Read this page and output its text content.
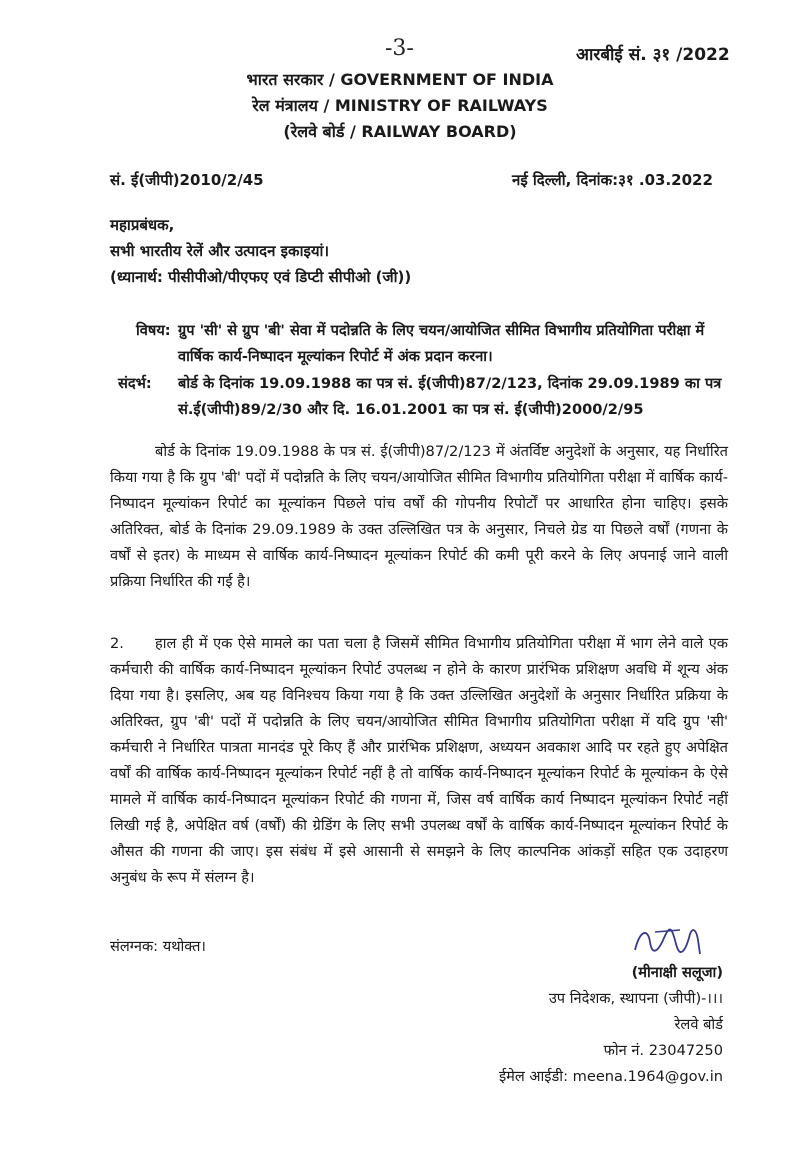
-3-	आरबीई सं. ३१ /2022
भारत सरकार / GOVERNMENT OF INDIA
रेल मंत्रालय / MINISTRY OF RAILWAYS
(रेलवे बोर्ड / RAILWAY BOARD)
सं. ई(जीपी)2010/2/45	नई दिल्ली, दिनांक:३१ .03.2022
महाप्रबंधक,
सभी भारतीय रेलें और उत्पादन इकाइयां।
(ध्यानार्थ: पीसीपीओ/पीएफए एवं डिप्टी सीपीओ (जी))
विषय: ग्रुप 'सी' से ग्रुप 'बी' सेवा में पदोन्नति के लिए चयन/आयोजित सीमित विभागीय प्रतियोगिता परीक्षा में वार्षिक कार्य-निष्पादन मूल्यांकन रिपोर्ट में अंक प्रदान करना।
संदर्भ: बोर्ड के दिनांक 19.09.1988 का पत्र सं. ई(जीपी)87/2/123, दिनांक 29.09.1989 का पत्र सं.ई(जीपी)89/2/30 और दि. 16.01.2001 का पत्र सं. ई(जीपी)2000/2/95
बोर्ड के दिनांक 19.09.1988 के पत्र सं. ई(जीपी)87/2/123 में अंतर्विष्ट अनुदेशों के अनुसार, यह निर्धारित किया गया है कि ग्रुप 'बी' पदों में पदोन्नति के लिए चयन/आयोजित सीमित विभागीय प्रतियोगिता परीक्षा में वार्षिक कार्य-निष्पादन मूल्यांकन रिपोर्ट का मूल्यांकन पिछले पांच वर्षों की गोपनीय रिपोर्टों पर आधारित होना चाहिए। इसके अतिरिक्त, बोर्ड के दिनांक 29.09.1989 के उक्त उल्लिखित पत्र के अनुसार, निचले ग्रेड या पिछले वर्षों (गणना के वर्षों से इतर) के माध्यम से वार्षिक कार्य-निष्पादन मूल्यांकन रिपोर्ट की कमी पूरी करने के लिए अपनाई जाने वाली प्रक्रिया निर्धारित की गई है।
2. हाल ही में एक ऐसे मामले का पता चला है जिसमें सीमित विभागीय प्रतियोगिता परीक्षा में भाग लेने वाले एक कर्मचारी की वार्षिक कार्य-निष्पादन मूल्यांकन रिपोर्ट उपलब्ध न होने के कारण प्रारंभिक प्रशिक्षण अवधि में शून्य अंक दिया गया है। इसलिए, अब यह विनिश्चय किया गया है कि उक्त उल्लिखित अनुदेशों के अनुसार निर्धारित प्रक्रिया के अतिरिक्त, ग्रुप 'बी' पदों में पदोन्नति के लिए चयन/आयोजित सीमित विभागीय प्रतियोगिता परीक्षा में यदि ग्रुप 'सी' कर्मचारी ने निर्धारित पात्रता मानदंड पूरे किए हैं और प्रारंभिक प्रशिक्षण, अध्ययन अवकाश आदि पर रहते हुए अपेक्षित वर्षों की वार्षिक कार्य-निष्पादन मूल्यांकन रिपोर्ट नहीं है तो वार्षिक कार्य-निष्पादन मूल्यांकन रिपोर्ट के मूल्यांकन के ऐसे मामले में वार्षिक कार्य-निष्पादन मूल्यांकन रिपोर्ट की गणना में, जिस वर्ष वार्षिक कार्य निष्पादन मूल्यांकन रिपोर्ट नहीं लिखी गई है, अपेक्षित वर्ष (वर्षों) की ग्रेडिंग के लिए सभी उपलब्ध वर्षों के वार्षिक कार्य-निष्पादन मूल्यांकन रिपोर्ट के औसत की गणना की जाए। इस संबंध में इसे आसानी से समझने के लिए काल्पनिक आंकड़ों सहित एक उदाहरण अनुबंध के रूप में संलग्न है।
संलग्नक: यथोक्त।
(मीनाक्षी सलूजा)
उप निदेशक, स्थापना (जीपी)-।।।
रेलवे बोर्ड
फोन नं. 23047250
ईमेल आईडी: meena.1964@gov.in
